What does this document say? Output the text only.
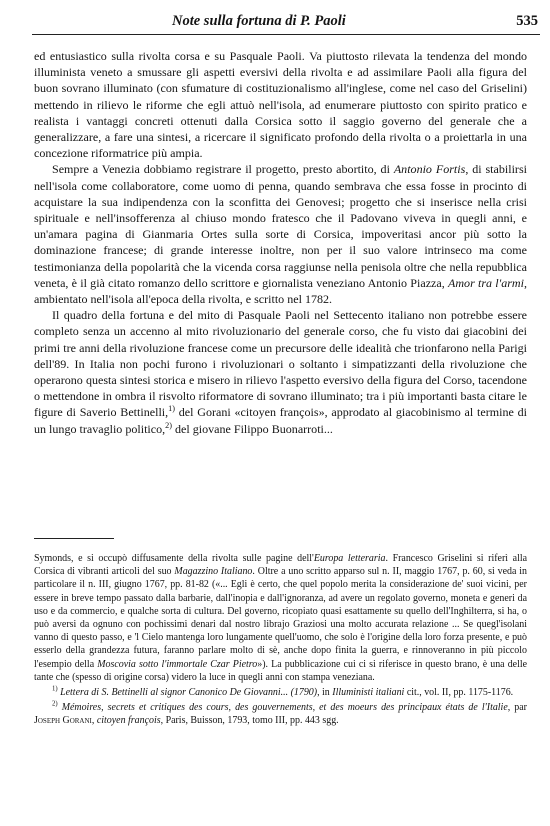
Note sulla fortuna di P. Paoli	535

ed entusiastico sulla rivolta corsa e su Pasquale Paoli. Va piuttosto rilevata la tendenza del mondo illuminista veneto a smussare gli aspetti eversivi della rivolta e ad assimilare Paoli alla figura del buon sovrano illuminato (con sfumature di costituzionalismo all'inglese, come nel caso del Griselini) mettendo in rilievo le riforme che egli attuò nell'isola, ad enumerare piuttosto con spirito pratico e realista i vantaggi concreti ottenuti dalla Corsica sotto il saggio governo del generale che a generalizzare, a fare una sintesi, a ricercare il significato profondo della rivolta o a proiettarla in una concezione riformatrice più ampia.

Sempre a Venezia dobbiamo registrare il progetto, presto abortito, di Antonio Fortis, di stabilirsi nell'isola come collaboratore, come uomo di penna, quando sembrava che essa fosse in procinto di acquistare la sua indipendenza con la sconfitta dei Genovesi; progetto che si inserisce nella crisi spirituale e nell'insofferenza al chiuso mondo fratesco che il Padovano viveva in quegli anni, e un'amara pagina di Gianmaria Ortes sulla sorte di Corsica, impoveritasi ancor più sotto la dominazione francese; di grande interesse inoltre, non per il suo valore intrinseco ma come testimonianza della popolarità che la vicenda corsa raggiunse nella penisola oltre che nella repubblica veneta, è il già citato romanzo dello scrittore e giornalista veneziano Antonio Piazza, Amor tra l'armi, ambientato nell'isola all'epoca della rivolta, e scritto nel 1782.

Il quadro della fortuna e del mito di Pasquale Paoli nel Settecento italiano non potrebbe essere completo senza un accenno al mito rivoluzionario del generale corso, che fu visto dai giacobini dei primi tre anni della rivoluzione francese come un precursore delle idealità che trionfarono nella Parigi dell'89. In Italia non pochi furono i rivoluzionari o soltanto i simpatizzanti della rivoluzione che operarono questa sintesi storica e misero in rilievo l'aspetto eversivo della figura del Corso, tacendone o mettendone in ombra il risvolto riformatore di sovrano illuminato; tra i più importanti basta citare le figure di Saverio Bettinelli,$^{1)}$ del Gorani «citoyen françois», approdato al giacobinismo al termine di un lungo travaglio politico,$^{2)}$ del giovane Filippo Buonarroti...

Symonds, e si occupò diffusamente della rivolta sulle pagine dell'Europa letteraria. Francesco Griselini si riferì alla Corsica di vibranti articoli del suo Magazzino Italiano. Oltre a uno scritto apparso sul n. II, maggio 1767, p. 60, si veda in particolare il n. III, giugno 1767, pp. 81-82 («... Egli è certo, che quel popolo merita la considerazione de' suoi vicini, per essere in breve tempo passato dalla barbarie, dall'inopia e dall'ignoranza, ad avere un regolato governo, moneta e generi da uso e da commercio, e qualche sorta di cultura. Del governo, ricopiato quasi esattamente su quello dell'Inghilterra, si ha, o può aversi da ognuno con pochissimi denari dal nostro librajo Graziosi una molto accurata relazione ... Se quegl'isolani vanno di questo passo, e 'l Cielo mantenga loro lungamente quell'uomo, che solo è l'origine della loro forza presente, e può esserlo della grandezza futura, faranno parlare molto di sè, anche dopo finita la guerra, e rinnoveranno in più piccolo l'esempio della Moscovia sotto l'immortale Czar Pietro»). La pubblicazione cui ci si riferisce in questo brano, è una delle tante che (spesso di origine corsa) videro la luce in quegli anni con stampa veneziana.

$^{1)}$ Lettera di S. Bettinelli al signor Canonico De Giovanni... (1790), in Illuministi italiani cit., vol. II, pp. 1175-1176.

$^{2)}$ Mémoires, secrets et critiques des cours, des gouvernements, et des moeurs des principaux états de l'Italie, par Joseph Gorani, citoyen françois, Paris, Buisson, 1793, tomo III, pp. 443 sgg.
